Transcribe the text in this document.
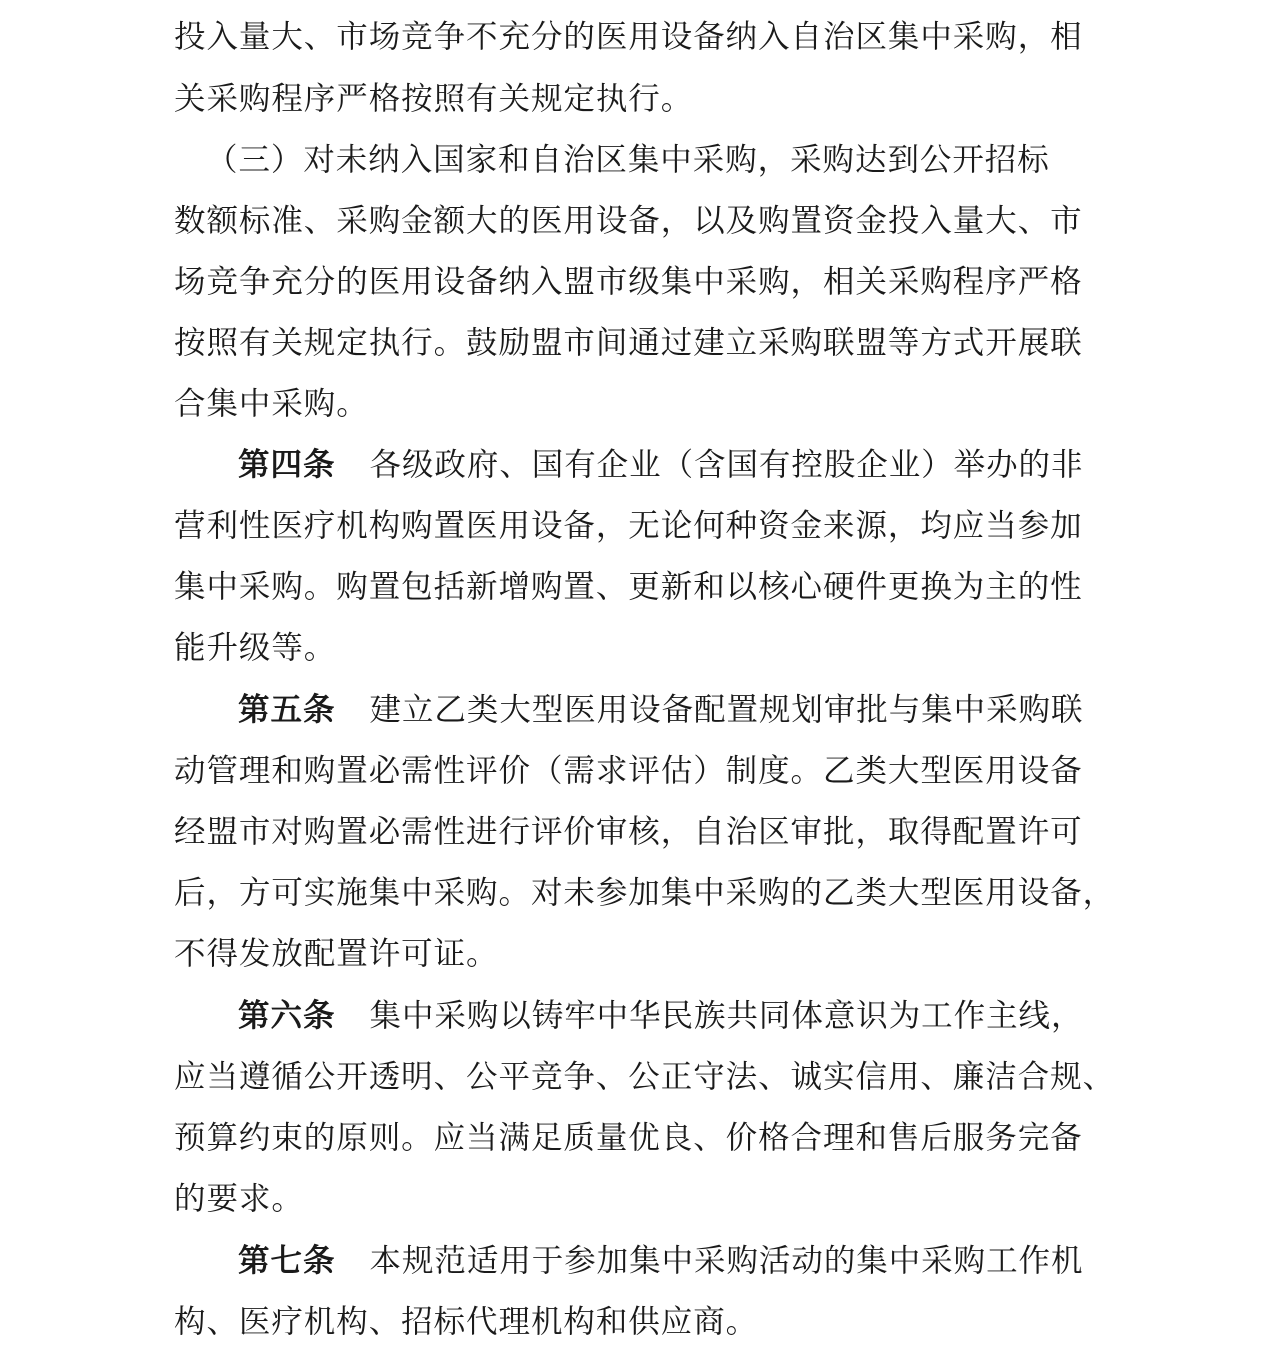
投入量大、市场竞争不充分的医用设备纳入自治区集中采购，相
关采购程序严格按照有关规定执行。
（三）对未纳入国家和自治区集中采购，采购达到公开招标
数额标准、采购金额大的医用设备，以及购置资金投入量大、市
场竞争充分的医用设备纳入盟市级集中采购，相关采购程序严格
按照有关规定执行。鼓励盟市间通过建立采购联盟等方式开展联
合集中采购。
第四条 各级政府、国有企业（含国有控股企业）举办的非
营利性医疗机构购置医用设备，无论何种资金来源，均应当参加
集中采购。购置包括新增购置、更新和以核心硬件更换为主的性
能升级等。
第五条 建立乙类大型医用设备配置规划审批与集中采购联
动管理和购置必需性评价（需求评估）制度。乙类大型医用设备
经盟市对购置必需性进行评价审核，自治区审批，取得配置许可
后，方可实施集中采购。对未参加集中采购的乙类大型医用设备，
不得发放配置许可证。
第六条 集中采购以铸牢中华民族共同体意识为工作主线，
应当遵循公开透明、公平竞争、公正守法、诚实信用、廉洁合规、
预算约束的原则。应当满足质量优良、价格合理和售后服务完备
的要求。
第七条 本规范适用于参加集中采购活动的集中采购工作机
构、医疗机构、招标代理机构和供应商。
